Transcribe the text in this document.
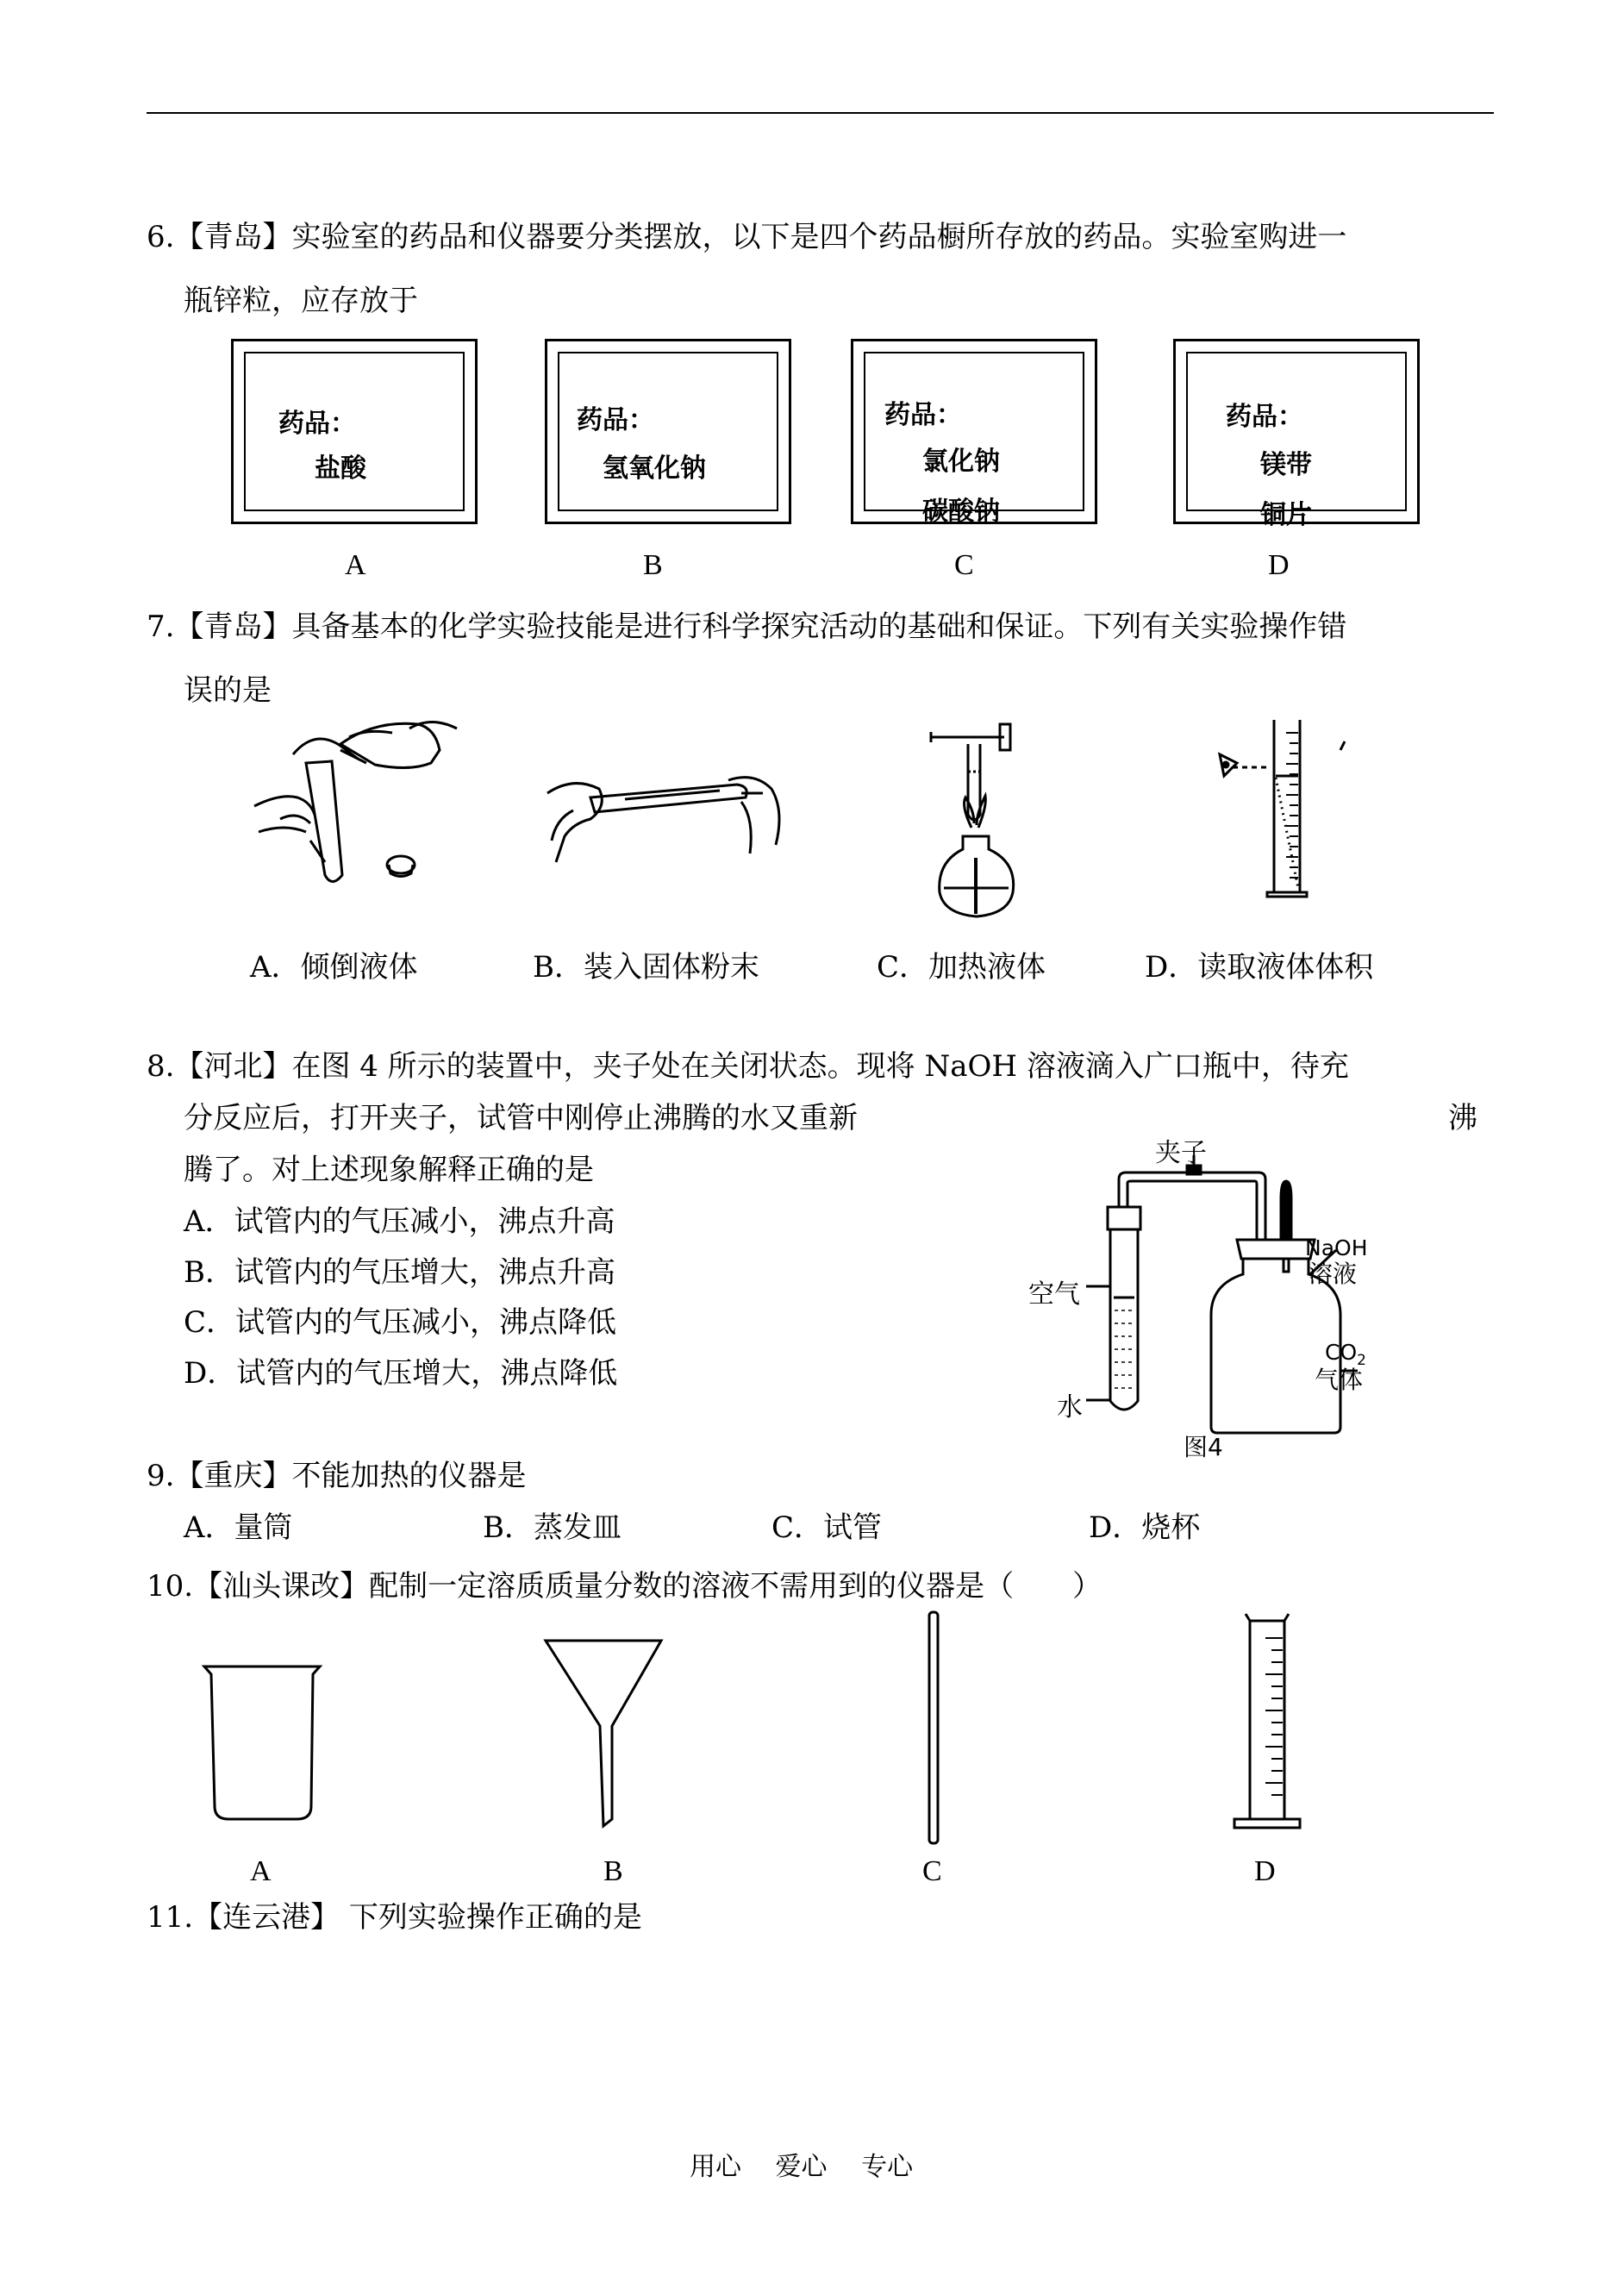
6.【青岛】实验室的药品和仪器要分类摆放，以下是四个药品橱所存放的药品。实验室购进一
瓶锌粒，应存放于
药品：
盐酸
药品：
氢氧化钠
药品：
氯化钠
碳酸钠
药品：
镁带
铜片
A	B	C	D
7.【青岛】具备基本的化学实验技能是进行科学探究活动的基础和保证。下列有关实验操作错
误的是
A．倾倒液体	B．装入固体粉末	C．加热液体	D．读取液体体积
8.【河北】在图 4 所示的装置中，夹子处在关闭状态。现将 NaOH 溶液滴入广口瓶中，待充
分反应后，打开夹子，试管中刚停止沸腾的水又重新	沸
腾了。对上述现象解释正确的是
A．试管内的气压减小，沸点升高
B．试管内的气压增大，沸点升高
C．试管内的气压减小，沸点降低
D．试管内的气压增大，沸点降低
夹子
空气
水
NaOH
溶液
$CO_2$
气体
图4
9.【重庆】不能加热的仪器是
A．量筒	B．蒸发皿	C．试管	D．烧杯
10.【汕头课改】配制一定溶质质量分数的溶液不需用到的仪器是（　　）
A	B	C	D
11.【连云港】 下列实验操作正确的是
用心　 爱心　 专心
